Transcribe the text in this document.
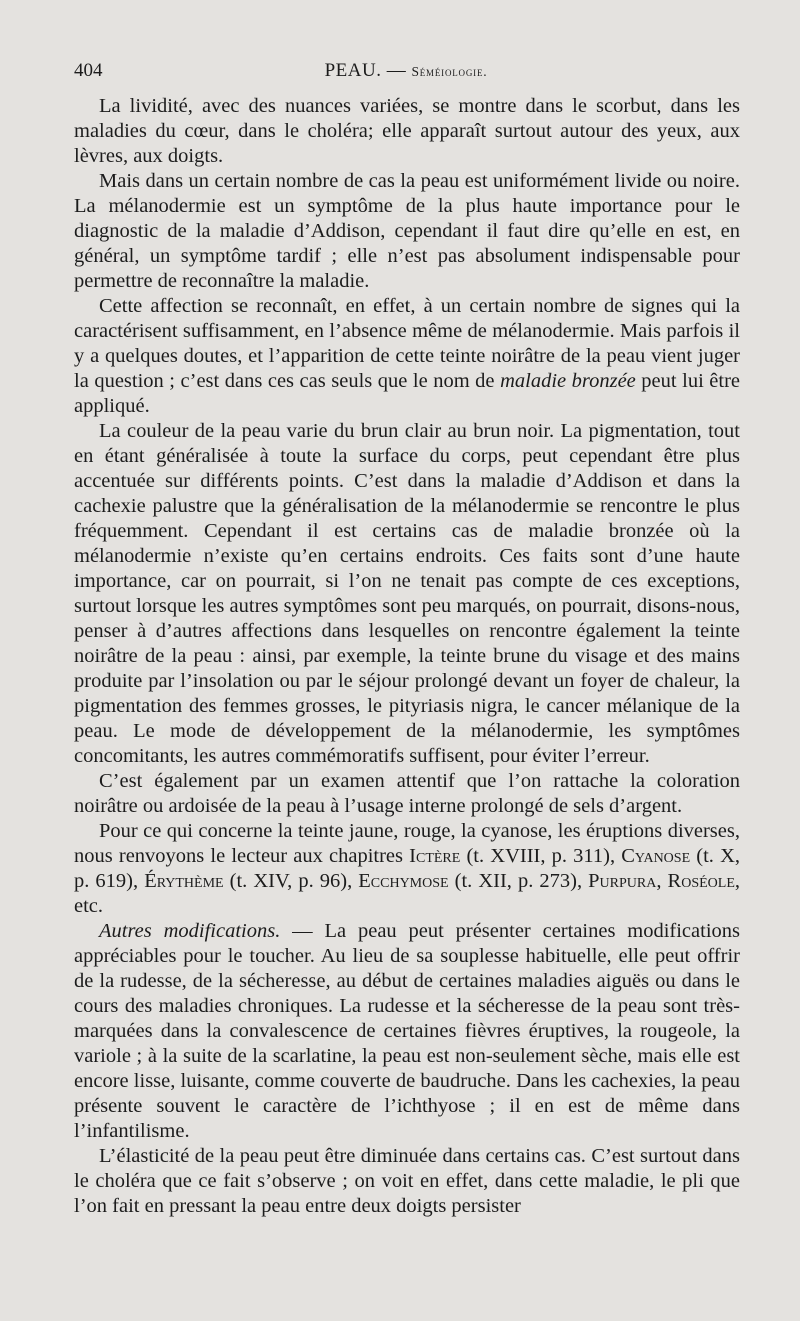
404	PEAU. — Séméiologie.

La lividité, avec des nuances variées, se montre dans le scorbut, dans les maladies du cœur, dans le choléra; elle apparaît surtout autour des yeux, aux lèvres, aux doigts.

Mais dans un certain nombre de cas la peau est uniformément livide ou noire. La mélanodermie est un symptôme de la plus haute importance pour le diagnostic de la maladie d’Addison, cependant il faut dire qu’elle en est, en général, un symptôme tardif ; elle n’est pas absolument indispensable pour permettre de reconnaître la maladie.

Cette affection se reconnaît, en effet, à un certain nombre de signes qui la caractérisent suffisamment, en l’absence même de mélanodermie. Mais parfois il y a quelques doutes, et l’apparition de cette teinte noirâtre de la peau vient juger la question ; c’est dans ces cas seuls que le nom de maladie bronzée peut lui être appliqué.

La couleur de la peau varie du brun clair au brun noir. La pigmentation, tout en étant généralisée à toute la surface du corps, peut cependant être plus accentuée sur différents points. C’est dans la maladie d’Addison et dans la cachexie palustre que la généralisation de la mélanodermie se rencontre le plus fréquemment. Cependant il est certains cas de maladie bronzée où la mélanodermie n’existe qu’en certains endroits. Ces faits sont d’une haute importance, car on pourrait, si l’on ne tenait pas compte de ces exceptions, surtout lorsque les autres symptômes sont peu marqués, on pourrait, disons-nous, penser à d’autres affections dans lesquelles on rencontre également la teinte noirâtre de la peau : ainsi, par exemple, la teinte brune du visage et des mains produite par l’insolation ou par le séjour prolongé devant un foyer de chaleur, la pigmentation des femmes grosses, le pityriasis nigra, le cancer mélanique de la peau. Le mode de développement de la mélanodermie, les symptômes concomitants, les autres commémoratifs suffisent, pour éviter l’erreur.

C’est également par un examen attentif que l’on rattache la coloration noirâtre ou ardoisée de la peau à l’usage interne prolongé de sels d’argent.

Pour ce qui concerne la teinte jaune, rouge, la cyanose, les éruptions diverses, nous renvoyons le lecteur aux chapitres Ictère (t. XVIII, p. 311), Cyanose (t. X, p. 619), Érythème (t. XIV, p. 96), Ecchymose (t. XII, p. 273), Purpura, Roséole, etc.

Autres modifications. — La peau peut présenter certaines modifications appréciables pour le toucher. Au lieu de sa souplesse habituelle, elle peut offrir de la rudesse, de la sécheresse, au début de certaines maladies aiguës ou dans le cours des maladies chroniques. La rudesse et la sécheresse de la peau sont très-marquées dans la convalescence de certaines fièvres éruptives, la rougeole, la variole ; à la suite de la scarlatine, la peau est non-seulement sèche, mais elle est encore lisse, luisante, comme couverte de baudruche. Dans les cachexies, la peau présente souvent le caractère de l’ichthyose ; il en est de même dans l’infantilisme.

L’élasticité de la peau peut être diminuée dans certains cas. C’est surtout dans le choléra que ce fait s’observe ; on voit en effet, dans cette maladie, le pli que l’on fait en pressant la peau entre deux doigts persister
